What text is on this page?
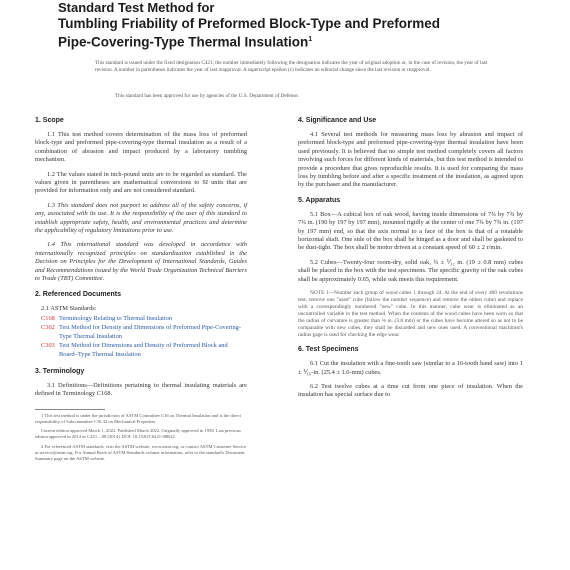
Standard Test Method for
Tumbling Friability of Preformed Block-Type and Preformed
Pipe-Covering-Type Thermal Insulation$^1$
This standard is issued under the fixed designation C421; the number immediately following the designation indicates the year of original adoption or, in the case of revision, the year of last revision. A number in parentheses indicates the year of last reapproval. A superscript epsilon (ε) indicates an editorial change since the last revision or reapproval.
This standard has been approved for use by agencies of the U.S. Department of Defense.
1. Scope

1.1 This test method covers determination of the mass loss of preformed block-type and preformed pipe-covering-type thermal insulation as a result of a combination of abrasion and impact produced by a laboratory tumbling mechanism.

1.2 The values stated in inch-pound units are to be regarded as standard. The values given in parentheses are mathematical conversions to SI units that are provided for information only and are not considered standard.

1.3 This standard does not purport to address all of the safety concerns, if any, associated with its use. It is the responsibility of the user of this standard to establish appropriate safety, health, and environmental practices and determine the applicability of regulatory limitations prior to use.

1.4 This international standard was developed in accordance with internationally recognized principles on standardization established in the Decision on Principles for the Development of International Standards, Guides and Recommendations issued by the World Trade Organization Technical Barriers to Trade (TBT) Committee.

2. Referenced Documents
2.1 ASTM Standards:
C168 Terminology Relating to Thermal Insulation
C302 Test Method for Density and Dimensions of Preformed Pipe-Covering-Type Thermal Insulation
C303 Test Method for Dimensions and Density of Preformed Block and Board–Type Thermal Insulation
3. Terminology

3.1 Definitions—Definitions pertaining to thermal insulating materials are defined in Terminology C168.

1 This test method is under the jurisdiction of ASTM Committee C16 on Thermal Insulation and is the direct responsibility of Subcommittee C16.32 on Mechanical Properties.

Current edition approved March 1, 2022. Published March 2022. Originally approved in 1958. Last previous edition approved in 2014 as C421 – 08 (2014). DOI: 10.1520/C0421-08R22.

2 For referenced ASTM standards, visit the ASTM website, www.astm.org, or contact ASTM Customer Service at service@astm.org. For Annual Book of ASTM Standards volume information, refer to the standard's Document Summary page on the ASTM website.

4. Significance and Use

4.1 Several test methods for measuring mass loss by abrasion and impact of preformed block-type and preformed pipe-covering-type thermal insulation have been used previously. It is believed that no simple test method completely covers all factors involving such forces for different kinds of materials, but this test method is intended to provide a procedure that gives reproducible results. It is used for comparing the mass loss by tumbling before and after a specific treatment of the insulation, as agreed upon by the purchaser and the manufacturer.

5. Apparatus

5.1 Box—A cubical box of oak wood, having inside dimensions of 7¾ by 7¾ by 7¾ in. (190 by 197 by 197 mm), mounted rigidly at the center of one 7¾ by 7¾ in. (197 by 197 mm) end, so that the axis normal to a face of the box is that of a rotatable horizontal shaft. One side of the box shall be hinged as a door and shall be gasketed to be dust-tight. The box shall be motor driven at a constant speed of 60 ± 2 r/min.

5.2 Cubes—Twenty-four room-dry, solid oak, ¾ ± ⅟₃₂ in. (19 ± 0.8 mm) cubes shall be placed in the box with the test specimens. The specific gravity of the oak cubes shall be approximately 0.65, while oak meets this requirement.

NOTE 1—Number each group of wood cubes 1 through 24. At the end of every 400 revolutions test, remove one "used" cube (follow the number sequence) and remove the oldest cube) and replace with a correspondingly numbered "new" cube. In this manner, cube wear is eliminated as an uncontrolled variable in the test method. When the contents of the wood cubes have been worn so that the radius of curvature is greater than ⅛ in. (3.8 mm) or the cubes have become altered so as not to be comparable with new cubes, they shall be discarded and new ones used. A conventional machinist's radius gage is used for checking the edge wear.

6. Test Specimens

6.1 Cut the insulation with a fine-tooth saw (similar to a 16-tooth band saw) into 1 ± ⅟₁₆-in. (25.4 ± 1.6-mm) cubes.

6.2 Test twelve cubes at a time cut from one piece of insulation. When the insulation has special surface due to
